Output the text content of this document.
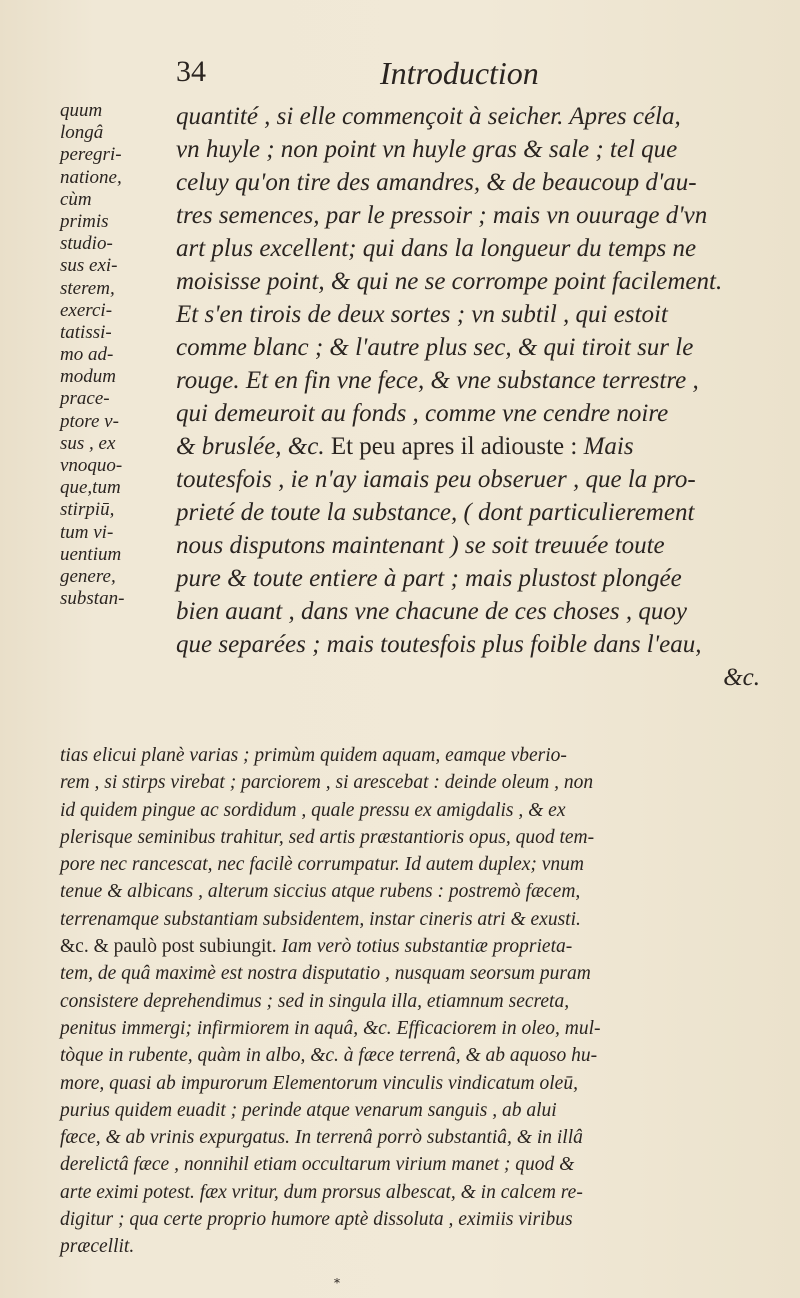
34	Introduction
quum
longâ
peregri-
natione,
cùm
primis
studio-
sus exi-
sterem,
exerci-
tatissi-
mo ad-
modum
prace-
ptore v-
sus , ex
vnoquo-
que,tum
stirpiū,
tum vi-
uentium
genere,
substan-
quantité , si elle commençoit à seicher. Apres céla,
vn huyle ; non point vn huyle gras & sale ; tel que
celuy qu'on tire des amandres, & de beaucoup d'au-
tres semences, par le pressoir ; mais vn ouurage d'vn
art plus excellent; qui dans la longueur du temps ne
moisisse point, & qui ne se corrompe point facilement.
Et s'en tirois de deux sortes ; vn subtil , qui estoit
comme blanc ; & l'autre plus sec, & qui tiroit sur le
rouge. Et en fin vne fece, & vne substance terrestre ,
qui demeuroit au fonds , comme vne cendre noire
& bruslée, &c. Et peu apres il adiouste : Mais
toutesfois , ie n'ay iamais peu obseruer , que la pro-
prieté de toute la substance, ( dont particulierement
nous disputons maintenant ) se soit treuuée toute
pure & toute entiere à part ; mais plustost plongée
bien auant , dans vne chacune de ces choses , quoy
que separées ; mais toutesfois plus foible dans l'eau,
&c.
tias elicui planè varias ; primùm quidem aquam, eamque vberio-
rem , si stirps virebat ; parciorem , si arescebat : deinde oleum , non
id quidem pingue ac sordidum , quale pressu ex amigdalis , & ex
plerisque seminibus trahitur, sed artis præstantioris opus, quod tem-
pore nec rancescat, nec facilè corrumpatur. Id autem duplex; vnum
tenue & albicans , alterum siccius atque rubens : postremò fæcem,
terrenamque substantiam subsidentem, instar cineris atri & exusti.
&c. & paulò post subiungit. Iam verò totius substantiæ proprieta-
tem, de quâ maximè est nostra disputatio , nusquam seorsum puram
consistere deprehendimus ; sed in singula illa, etiamnum secreta,
penitus immergi; infirmiorem in aquâ, &c. Efficaciorem in oleo, mul-
tòque in rubente, quàm in albo, &c. à fæce terrenâ, & ab aquoso hu-
more, quasi ab impurorum Elementorum vinculis vindicatum oleū,
purius quidem euadit ; perinde atque venarum sanguis , ab alui
fæce, & ab vrinis expurgatus. In terrenâ porrò substantiâ, & in illâ
derelictâ fæce , nonnihil etiam occultarum virium manet ; quod &
arte eximi potest. fæx vritur, dum prorsus albescat, & in calcem re-
digitur ; qua certe proprio humore aptè dissoluta , eximiis viribus
præcellit.
*
